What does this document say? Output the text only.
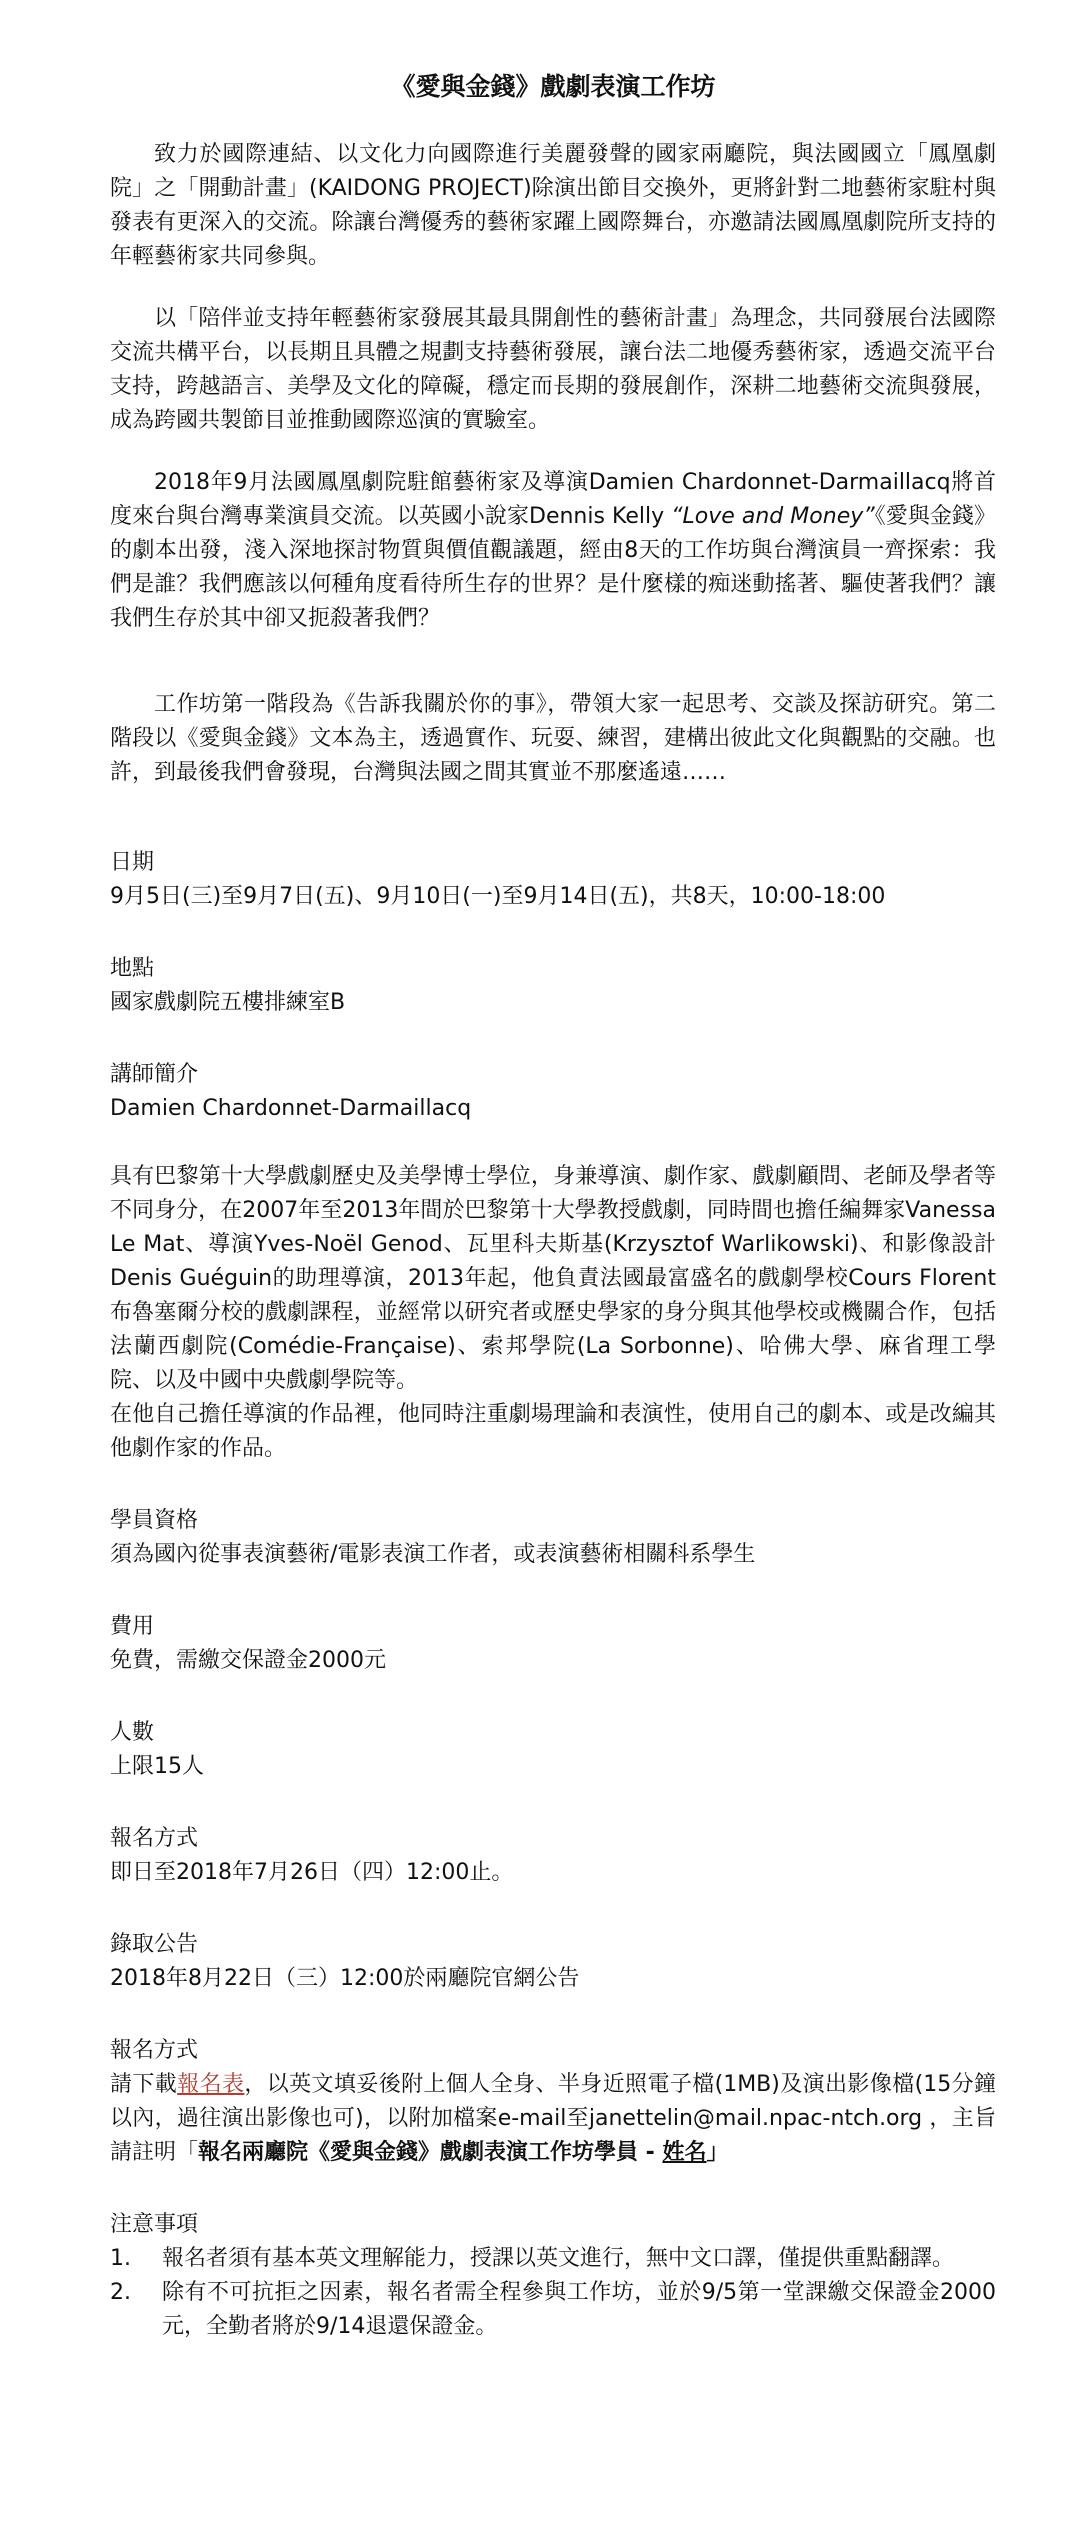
《愛與金錢》戲劇表演工作坊

致力於國際連結、以文化力向國際進行美麗發聲的國家兩廳院，與法國國立「鳳凰劇院」之「開動計畫」(KAIDONG PROJECT)除演出節目交換外，更將針對二地藝術家駐村與發表有更深入的交流。除讓台灣優秀的藝術家躍上國際舞台，亦邀請法國鳳凰劇院所支持的年輕藝術家共同參與。

以「陪伴並支持年輕藝術家發展其最具開創性的藝術計畫」為理念，共同發展台法國際交流共構平台，以長期且具體之規劃支持藝術發展，讓台法二地優秀藝術家，透過交流平台支持，跨越語言、美學及文化的障礙，穩定而長期的發展創作，深耕二地藝術交流與發展，成為跨國共製節目並推動國際巡演的實驗室。

2018年9月法國鳳凰劇院駐館藝術家及導演Damien Chardonnet-Darmaillacq將首度來台與台灣專業演員交流。以英國小說家Dennis Kelly “Love and Money”《愛與金錢》的劇本出發，淺入深地探討物質與價值觀議題，經由8天的工作坊與台灣演員一齊探索：我們是誰？我們應該以何種角度看待所生存的世界？是什麼樣的痴迷動搖著、驅使著我們？讓我們生存於其中卻又扼殺著我們？

工作坊第一階段為《告訴我關於你的事》，帶領大家一起思考、交談及探訪研究。第二階段以《愛與金錢》文本為主，透過實作、玩耍、練習，建構出彼此文化與觀點的交融。也許，到最後我們會發現，台灣與法國之間其實並不那麼遙遠……

日期
9月5日(三)至9月7日(五)、9月10日(一)至9月14日(五)，共8天，10:00-18:00
地點
國家戲劇院五樓排練室B
講師簡介
Damien Chardonnet-Darmaillacq
具有巴黎第十大學戲劇歷史及美學博士學位，身兼導演、劇作家、戲劇顧問、老師及學者等不同身分，在2007年至2013年間於巴黎第十大學教授戲劇，同時間也擔任編舞家Vanessa Le Mat、導演Yves-Noël Genod、瓦里科夫斯基(Krzysztof Warlikowski)、和影像設計Denis Guéguin的助理導演，2013年起，他負責法國最富盛名的戲劇學校Cours Florent布魯塞爾分校的戲劇課程，並經常以研究者或歷史學家的身分與其他學校或機關合作，包括法蘭西劇院(Comédie-Française)、索邦學院(La Sorbonne)、哈佛大學、麻省理工學院、以及中國中央戲劇學院等。
在他自己擔任導演的作品裡，他同時注重劇場理論和表演性，使用自己的劇本、或是改編其他劇作家的作品。
學員資格
須為國內從事表演藝術/電影表演工作者，或表演藝術相關科系學生
費用
免費，需繳交保證金2000元
人數
上限15人
報名方式
即日至2018年7月26日（四）12:00止。
錄取公告
2018年8月22日（三）12:00於兩廳院官網公告
報名方式
請下載報名表，以英文填妥後附上個人全身、半身近照電子檔(1MB)及演出影像檔(15分鐘以內，過往演出影像也可)，以附加檔案e-mail至janettelin@mail.npac-ntch.org ，主旨請註明「報名兩廳院《愛與金錢》戲劇表演工作坊學員 - 姓名」
注意事項
1. 報名者須有基本英文理解能力，授課以英文進行，無中文口譯，僅提供重點翻譯。
2. 除有不可抗拒之因素，報名者需全程參與工作坊，並於9/5第一堂課繳交保證金2000元，全勤者將於9/14退還保證金。
